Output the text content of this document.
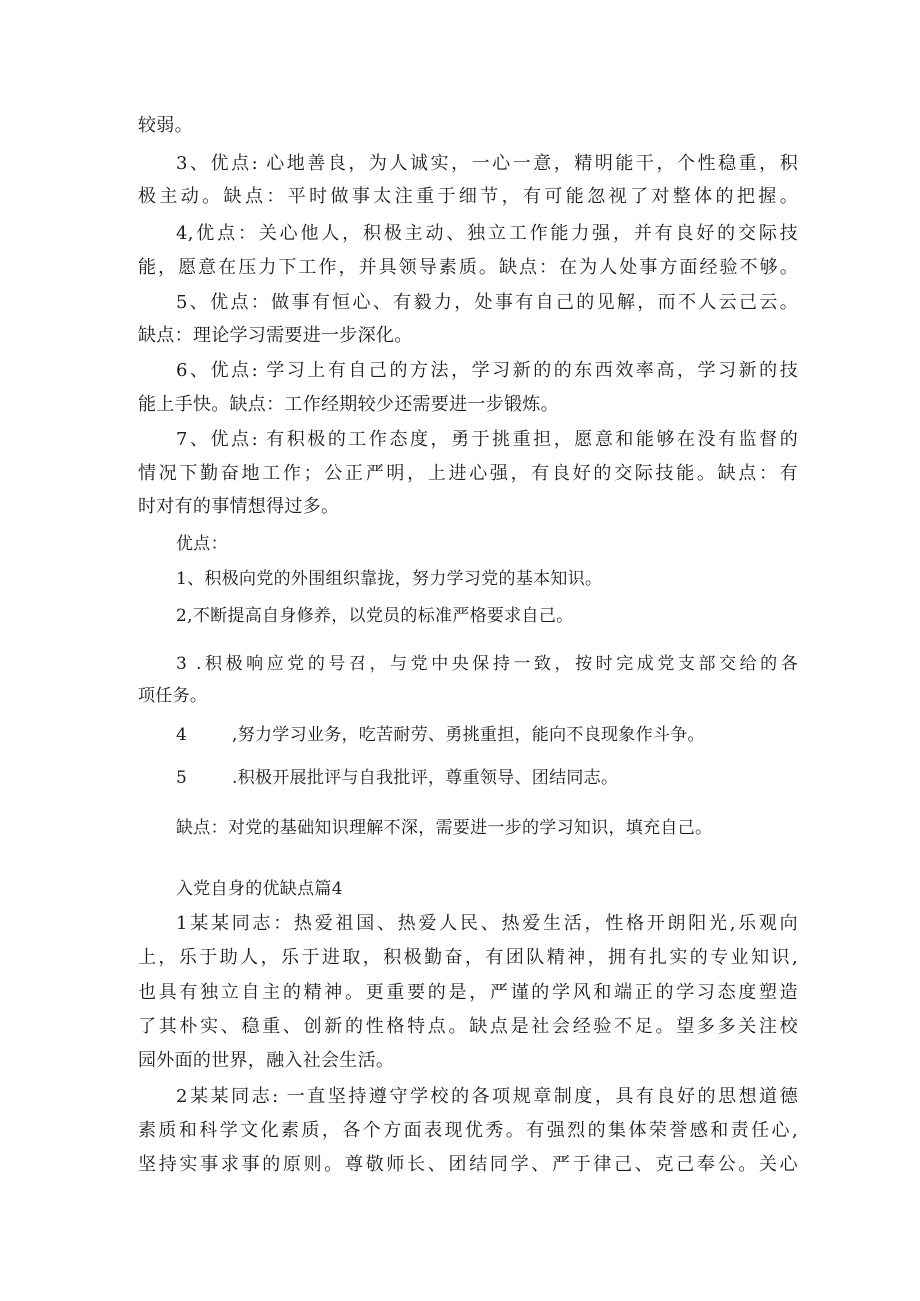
较弱。
3、优点: 心地善良，为人诚实，一心一意，精明能干，个性稳重，积
极主动。缺点：平时做事太注重于细节，有可能忽视了对整体的把握。
4,优点：关心他人，积极主动、独立工作能力强，并有良好的交际技
能，愿意在压力下工作，并具领导素质。缺点：在为人处事方面经验不够。
5、优点：做事有恒心、有毅力，处事有自己的见解，而不人云己云。
缺点：理论学习需要进一步深化。
6、优点: 学习上有自己的方法，学习新的的东西效率高，学习新的技
能上手快。缺点：工作经期较少还需要进一步锻炼。
7、优点: 有积极的工作态度，勇于挑重担，愿意和能够在没有监督的
情况下勤奋地工作；公正严明，上进心强，有良好的交际技能。缺点：有
时对有的事情想得过多。
优点：
1、积极向党的外围组织靠拢，努力学习党的基本知识。
2,不断提高自身修养，以党员的标准严格要求自己。
3 .积极响应党的号召，与党中央保持一致，按时完成党支部交给的各
项任务。
4	,努力学习业务，吃苦耐劳、勇挑重担，能向不良现象作斗争。
5	.积极开展批评与自我批评，尊重领导、团结同志。
缺点：对党的基础知识理解不深，需要进一步的学习知识，填充自己。
入党自身的优缺点篇4
1某某同志：热爱祖国、热爱人民、热爱生活，性格开朗阳光,乐观向
上，乐于助人，乐于进取，积极勤奋，有团队精神，拥有扎实的专业知识,
也具有独立自主的精神。更重要的是，严谨的学风和端正的学习态度塑造
了其朴实、稳重、创新的性格特点。缺点是社会经验不足。望多多关注校
园外面的世界，融入社会生活。
2某某同志: 一直坚持遵守学校的各项规章制度，具有良好的思想道德
素质和科学文化素质，各个方面表现优秀。有强烈的集体荣誉感和责任心,
坚持实事求事的原则。尊敬师长、团结同学、严于律己、克己奉公。关心
